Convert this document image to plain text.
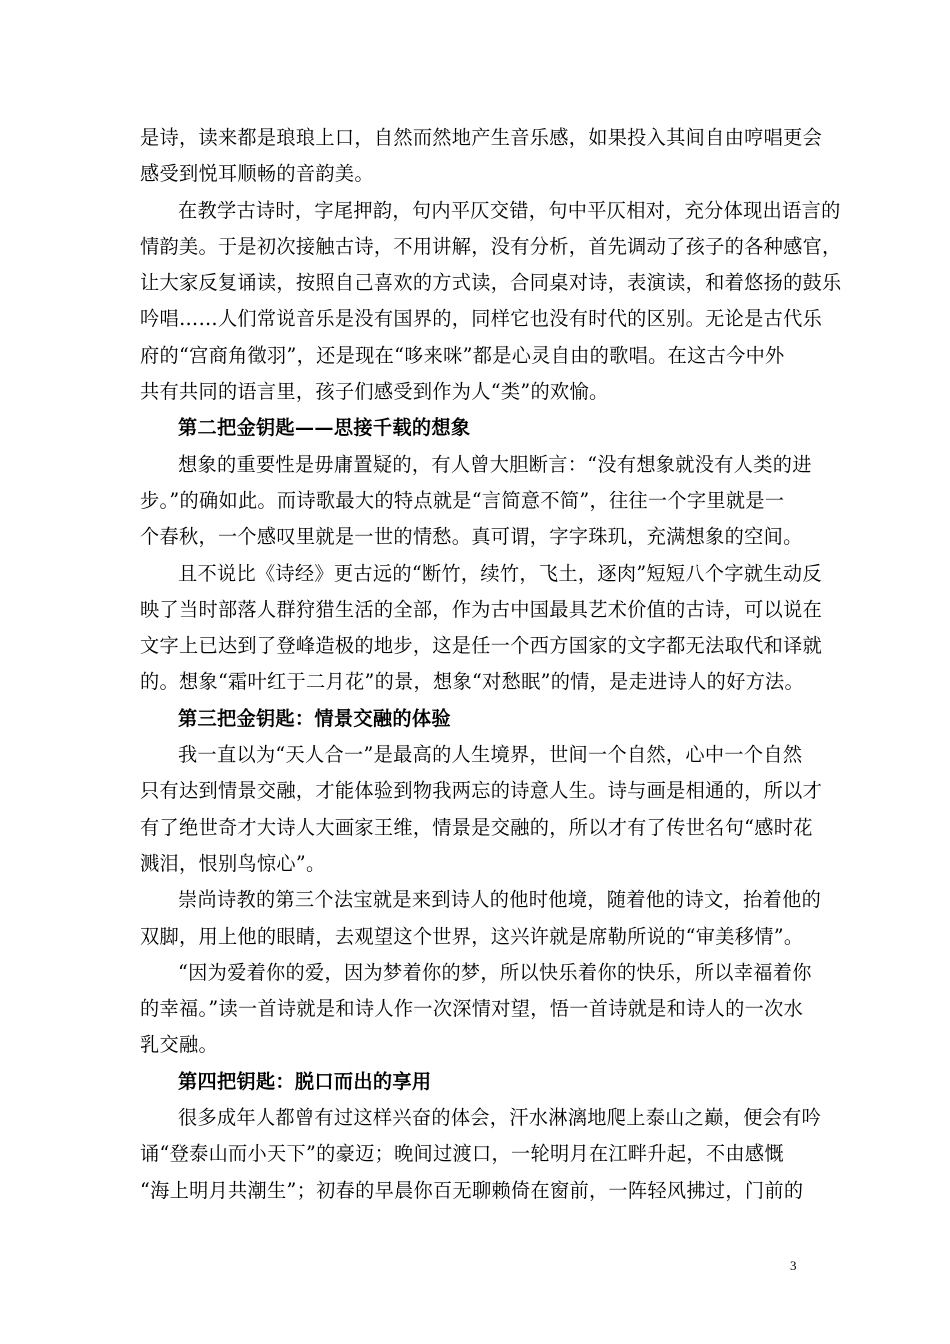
是诗，读来都是琅琅上口，自然而然地产生音乐感，如果投入其间自由哼唱更会
感受到悦耳顺畅的音韵美。
在教学古诗时，字尾押韵，句内平仄交错，句中平仄相对，充分体现出语言的
情韵美。于是初次接触古诗，不用讲解，没有分析，首先调动了孩子的各种感官，
让大家反复诵读，按照自己喜欢的方式读，合同桌对诗，表演读，和着悠扬的鼓乐
吟唱……人们常说音乐是没有国界的，同样它也没有时代的区别。无论是古代乐
府的“宫商角徵羽”，还是现在“哆来咪”都是心灵自由的歌唱。在这古今中外
共有共同的语言里，孩子们感受到作为人“类”的欢愉。
第二把金钥匙——思接千载的想象
想象的重要性是毋庸置疑的，有人曾大胆断言：“没有想象就没有人类的进
步。”的确如此。而诗歌最大的特点就是“言简意不简”，往往一个字里就是一
个春秋，一个感叹里就是一世的情愁。真可谓，字字珠玑，充满想象的空间。
且不说比《诗经》更古远的“断竹，续竹，飞土，逐肉”短短八个字就生动反
映了当时部落人群狩猎生活的全部，作为古中国最具艺术价值的古诗，可以说在
文字上已达到了登峰造极的地步，这是任一个西方国家的文字都无法取代和译就
的。想象“霜叶红于二月花”的景，想象“对愁眠”的情，是走进诗人的好方法。
第三把金钥匙：情景交融的体验
我一直以为“天人合一”是最高的人生境界，世间一个自然，心中一个自然
只有达到情景交融，才能体验到物我两忘的诗意人生。诗与画是相通的，所以才
有了绝世奇才大诗人大画家王维，情景是交融的，所以才有了传世名句“感时花
溅泪，恨别鸟惊心”。
崇尚诗教的第三个法宝就是来到诗人的他时他境，随着他的诗文，抬着他的
双脚，用上他的眼睛，去观望这个世界，这兴许就是席勒所说的“审美移情”。
“因为爱着你的爱，因为梦着你的梦，所以快乐着你的快乐，所以幸福着你
的幸福。”读一首诗就是和诗人作一次深情对望，悟一首诗就是和诗人的一次水
乳交融。
第四把钥匙：脱口而出的享用
很多成年人都曾有过这样兴奋的体会，汗水淋漓地爬上泰山之巅，便会有吟
诵“登泰山而小天下”的豪迈；晚间过渡口，一轮明月在江畔升起，不由感慨
“海上明月共潮生”；初春的早晨你百无聊赖倚在窗前，一阵轻风拂过，门前的
3
